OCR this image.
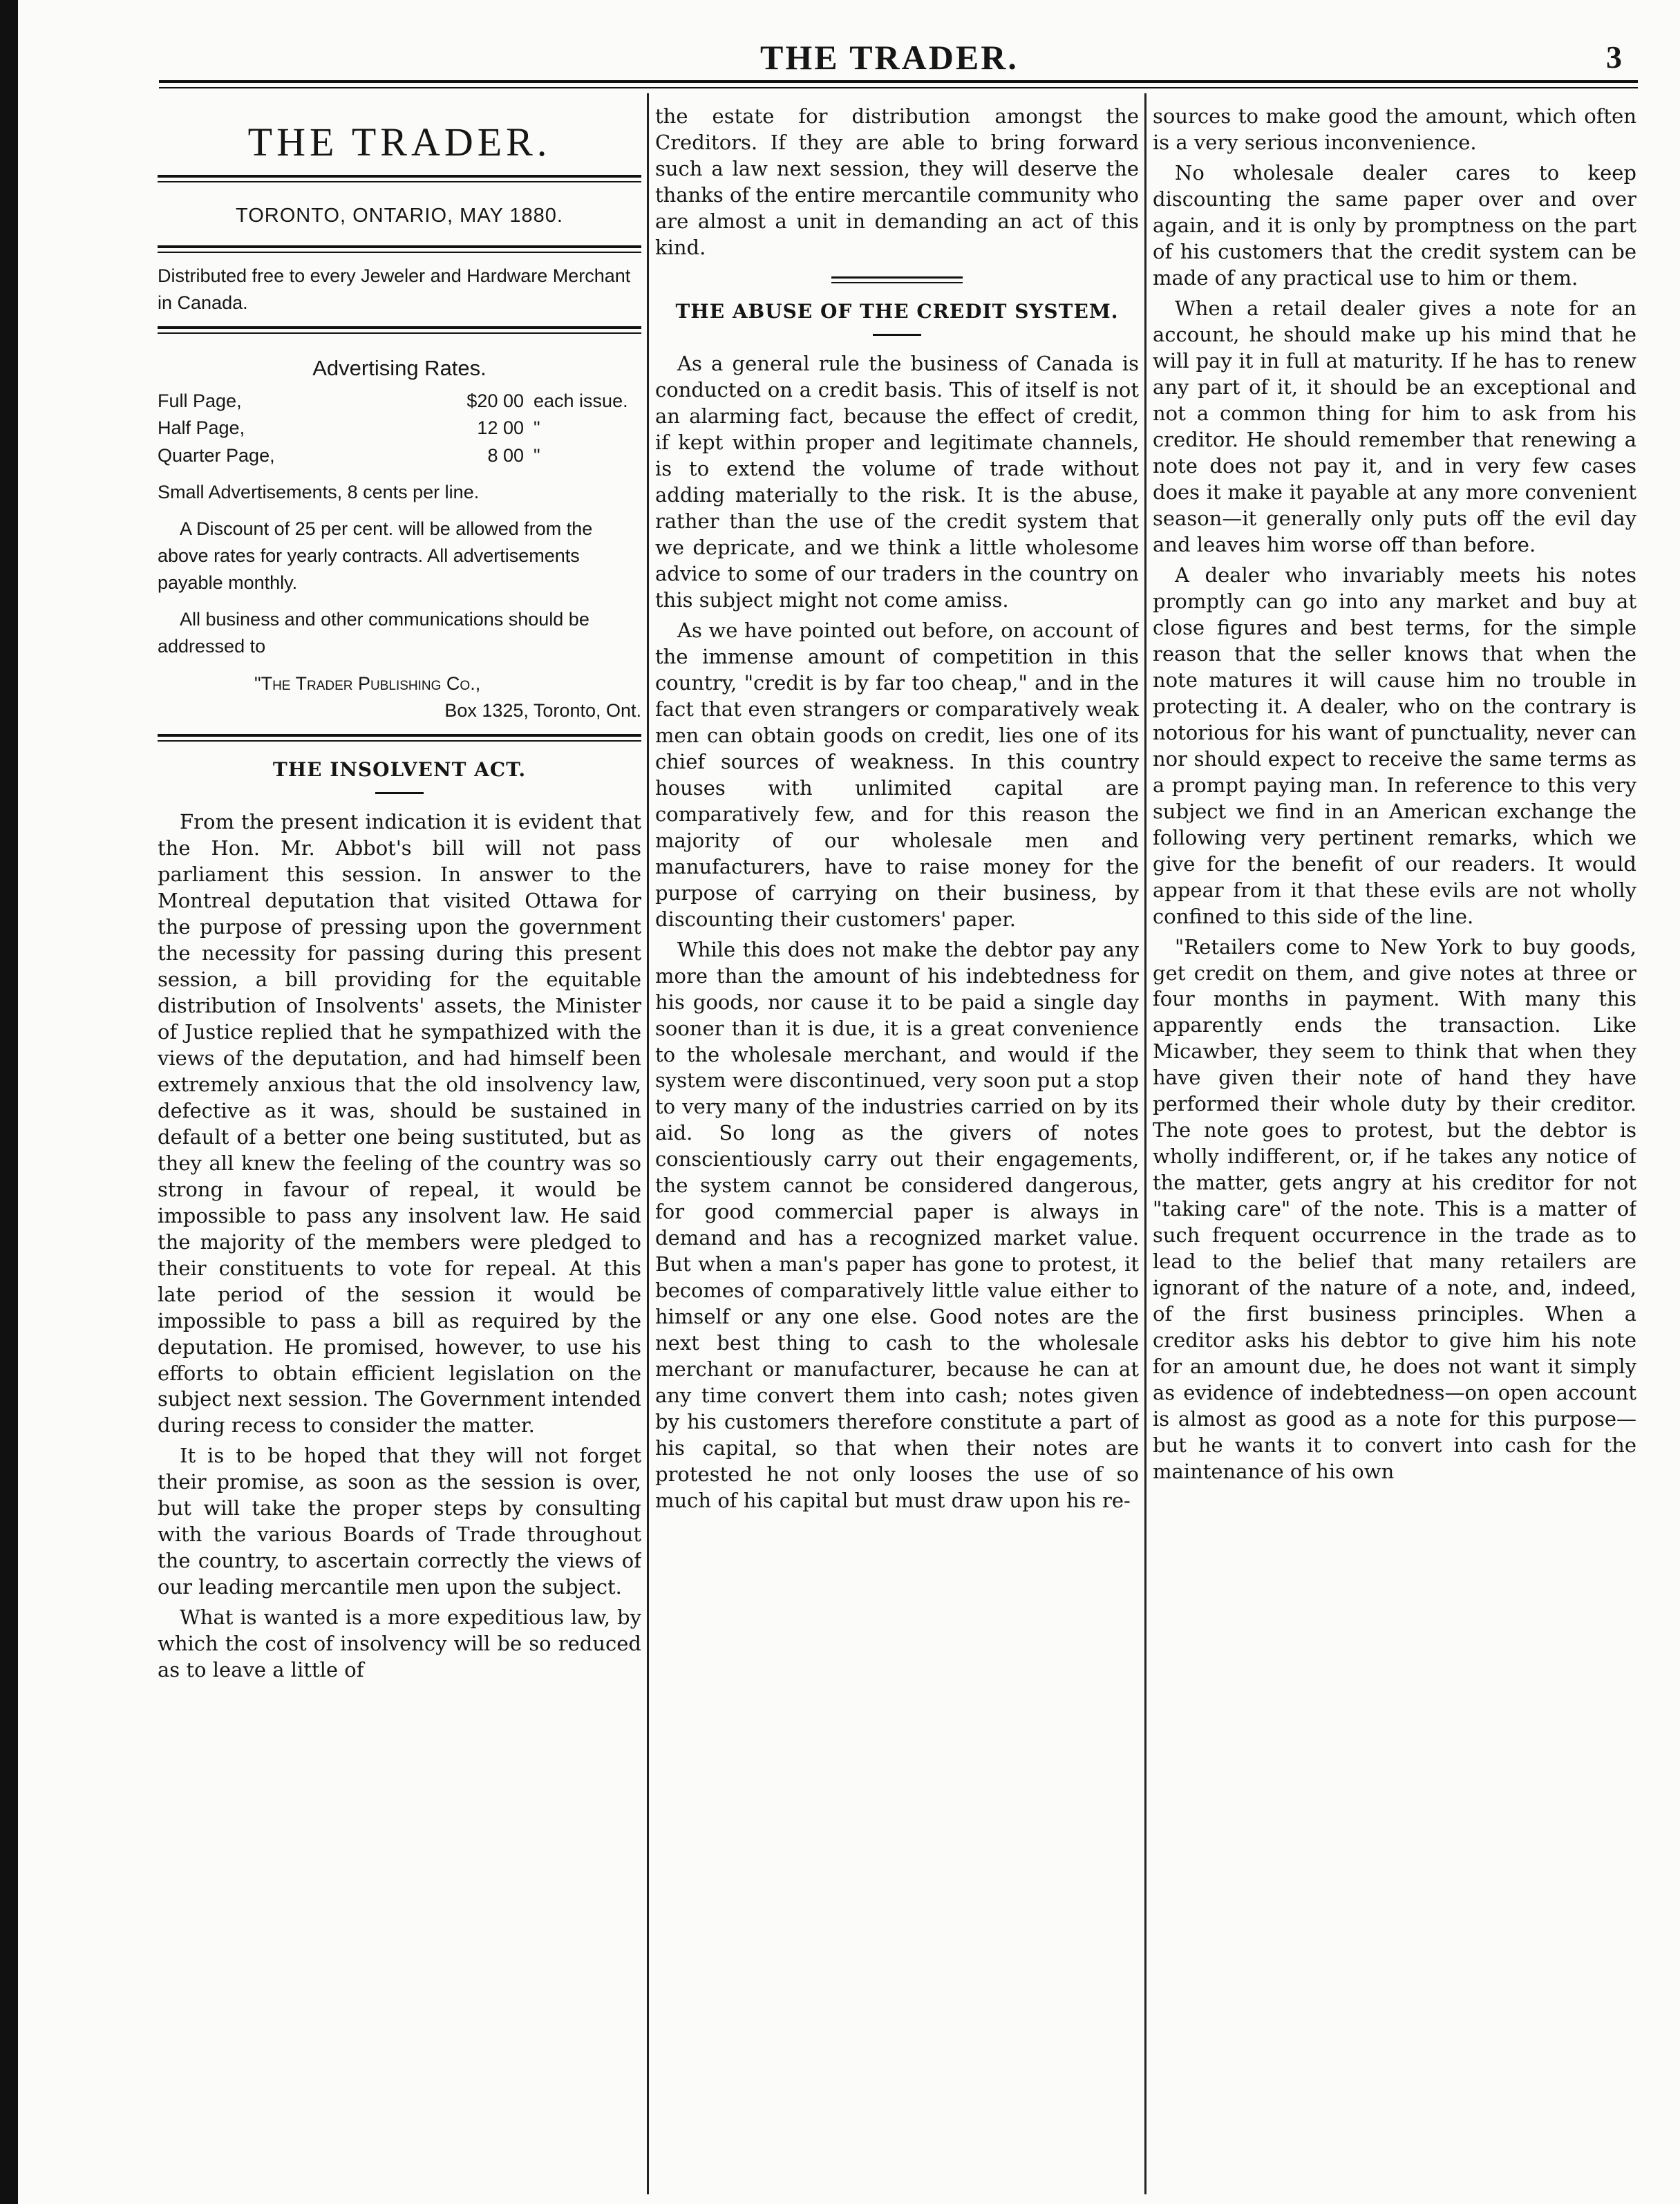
THE TRADER.	3
THE TRADER.
TORONTO, ONTARIO, MAY 1880.

Distributed free to every Jeweler and Hardware Merchant in Canada.

Advertising Rates.
Full Page,	$20 00 each issue.
Half Page,	12 00 "
Quarter Page,	8 00 "

Small Advertisements, 8 cents per line.

A Discount of 25 per cent. will be allowed from the above rates for yearly contracts. All advertisements payable monthly.

All business and other communications should be addressed to

"The Trader Publishing Co.,
Box 1325, Toronto, Ont.
THE INSOLVENT ACT.

From the present indication it is evident that the Hon. Mr. Abbot's bill will not pass parliament this session. In answer to the Montreal deputation that visited Ottawa for the purpose of pressing upon the government the necessity for passing during this present session, a bill providing for the equitable distribution of Insolvents' assets, the Minister of Justice replied that he sympathized with the views of the deputation, and had himself been extremely anxious that the old insolvency law, defective as it was, should be sustained in default of a better one being sustituted, but as they all knew the feeling of the country was so strong in favour of repeal, it would be impossible to pass any insolvent law. He said the majority of the members were pledged to their constituents to vote for repeal. At this late period of the session it would be impossible to pass a bill as required by the deputation. He promised, however, to use his efforts to obtain efficient legislation on the subject next session. The Government intended during recess to consider the matter.

It is to be hoped that they will not forget their promise, as soon as the session is over, but will take the proper steps by consulting with the various Boards of Trade throughout the country, to ascertain correctly the views of our leading mercantile men upon the subject.

What is wanted is a more expeditious law, by which the cost of insolvency will be so reduced as to leave a little of

the estate for distribution amongst the Creditors. If they are able to bring forward such a law next session, they will deserve the thanks of the entire mercantile community who are almost a unit in demanding an act of this kind.

THE ABUSE OF THE CREDIT SYSTEM.

As a general rule the business of Canada is conducted on a credit basis. This of itself is not an alarming fact, because the effect of credit, if kept within proper and legitimate channels, is to extend the volume of trade without adding materially to the risk. It is the abuse, rather than the use of the credit system that we depricate, and we think a little wholesome advice to some of our traders in the country on this subject might not come amiss.

As we have pointed out before, on account of the immense amount of competition in this country, "credit is by far too cheap," and in the fact that even strangers or comparatively weak men can obtain goods on credit, lies one of its chief sources of weakness. In this country houses with unlimited capital are comparatively few, and for this reason the majority of our wholesale men and manufacturers, have to raise money for the purpose of carrying on their business, by discounting their customers' paper.

While this does not make the debtor pay any more than the amount of his indebtedness for his goods, nor cause it to be paid a single day sooner than it is due, it is a great convenience to the wholesale merchant, and would if the system were discontinued, very soon put a stop to very many of the industries carried on by its aid. So long as the givers of notes conscientiously carry out their engagements, the system cannot be considered dangerous, for good commercial paper is always in demand and has a recognized market value. But when a man's paper has gone to protest, it becomes of comparatively little value either to himself or any one else. Good notes are the next best thing to cash to the wholesale merchant or manufacturer, because he can at any time convert them into cash; notes given by his customers therefore constitute a part of his capital, so that when their notes are protested he not only looses the use of so much of his capital but must draw upon his re-

sources to make good the amount, which often is a very serious inconvenience.

No wholesale dealer cares to keep discounting the same paper over and over again, and it is only by promptness on the part of his customers that the credit system can be made of any practical use to him or them.

When a retail dealer gives a note for an account, he should make up his mind that he will pay it in full at maturity. If he has to renew any part of it, it should be an exceptional and not a common thing for him to ask from his creditor. He should remember that renewing a note does not pay it, and in very few cases does it make it payable at any more convenient season—it generally only puts off the evil day and leaves him worse off than before.

A dealer who invariably meets his notes promptly can go into any market and buy at close figures and best terms, for the simple reason that the seller knows that when the note matures it will cause him no trouble in protecting it. A dealer, who on the contrary is notorious for his want of punctuality, never can nor should expect to receive the same terms as a prompt paying man. In reference to this very subject we find in an American exchange the following very pertinent remarks, which we give for the benefit of our readers. It would appear from it that these evils are not wholly confined to this side of the line.

"Retailers come to New York to buy goods, get credit on them, and give notes at three or four months in payment. With many this apparently ends the transaction. Like Micawber, they seem to think that when they have given their note of hand they have performed their whole duty by their creditor. The note goes to protest, but the debtor is wholly indifferent, or, if he takes any notice of the matter, gets angry at his creditor for not "taking care" of the note. This is a matter of such frequent occurrence in the trade as to lead to the belief that many retailers are ignorant of the nature of a note, and, indeed, of the first business principles. When a creditor asks his debtor to give him his note for an amount due, he does not want it simply as evidence of indebtedness—on open account is almost as good as a note for this purpose—but he wants it to convert into cash for the maintenance of his own
